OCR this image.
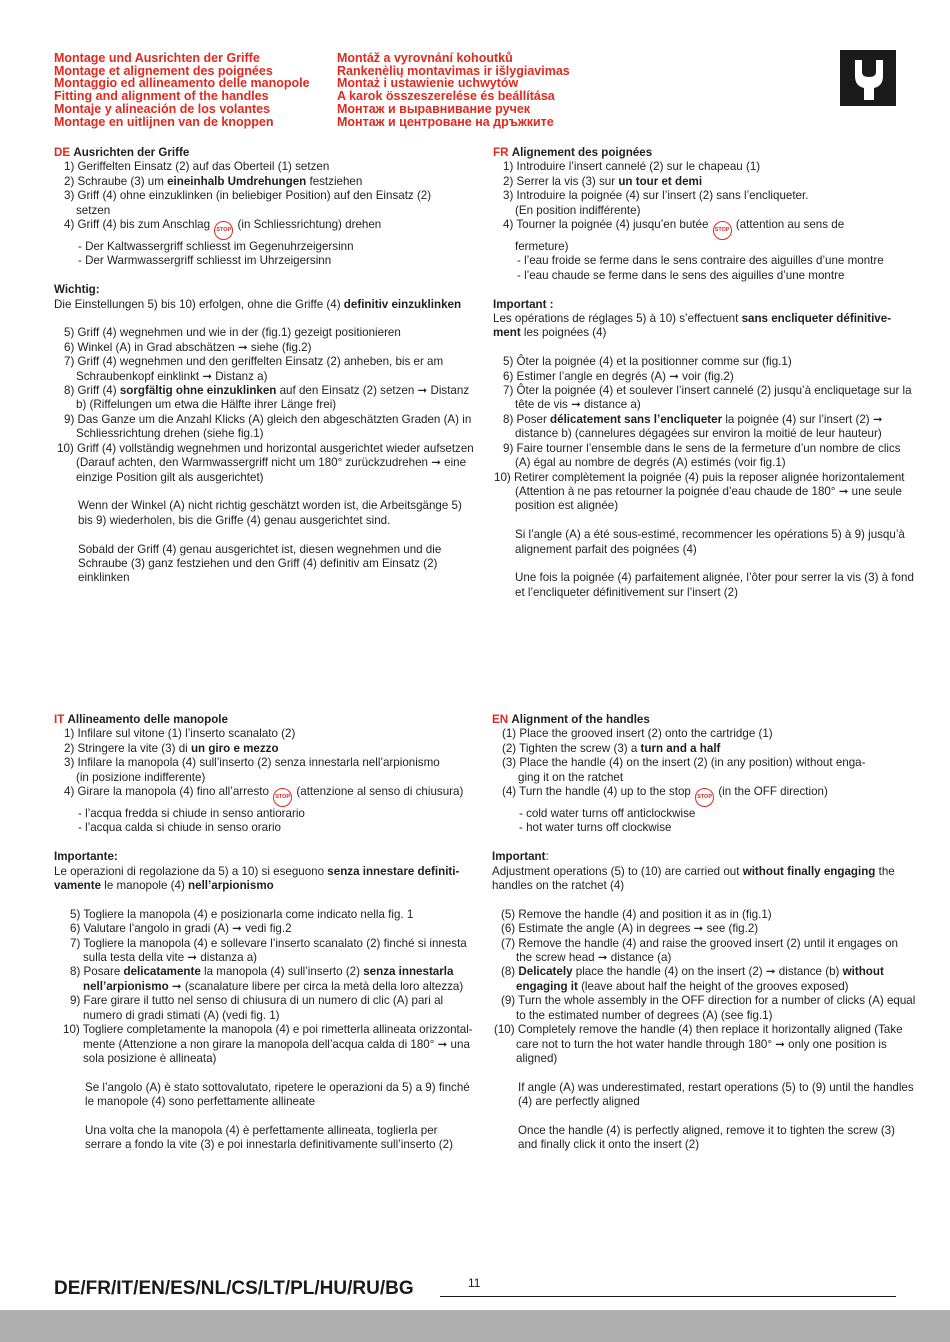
Montage und Ausrichten der Griffe
Montage et alignement des poignées
Montaggio ed allineamento delle manopole
Fitting and alignment of the handles
Montaje y alineación de los volantes
Montage en uitlijnen van de knoppen
Montáž a vyrovnání kohoutků
Rankenėlių montavimas ir išlygiavimas
Montaż i ustawienie uchwytów
A karok összeszerelése és beállítása
Монтаж и выравнивание ручек
Монтаж и центроване на дръжките

DE Ausrichten der Griffe

1) Geriffelten Einsatz (2) auf das Oberteil (1) setzen

2) Schraube (3) um eineinhalb Umdrehungen festziehen

3) Griff (4) ohne einzuklinken (in beliebiger Position) auf den Einsatz (2)

setzen

4) Griff (4) bis zum Anschlag STOP (in Schliessrichtung) drehen

- Der Kaltwassergriff schliesst im Gegenuhrzeigersinn

- Der Warmwassergriff schliesst im Uhrzeigersinn

Wichtig:

Die Einstellungen 5) bis 10) erfolgen, ohne die Griffe (4) definitiv einzuklinken

5) Griff (4) wegnehmen und wie in der (fig.1) gezeigt positionieren

6) Winkel (A) in Grad abschätzen ➞ siehe (fig.2)

7) Griff (4) wegnehmen und den geriffelten Einsatz (2) anheben, bis er am

Schraubenkopf einklinkt ➞ Distanz a)

8) Griff (4) sorgfältig ohne einzuklinken auf den Einsatz (2) setzen ➞ Distanz

b) (Riffelungen um etwa die Hälfte ihrer Länge frei)

9) Das Ganze um die Anzahl Klicks (A) gleich den abgeschätzten Graden (A) in

Schliessrichtung drehen (siehe fig.1)

10) Griff (4) vollständig wegnehmen und horizontal ausgerichtet wieder aufsetzen

(Darauf achten, den Warmwassergriff nicht um 180° zurückzudrehen ➞ eine

einzige Position gilt als ausgerichtet)

Wenn der Winkel (A) nicht richtig geschätzt worden ist, die Arbeitsgänge 5)

bis 9) wiederholen, bis die Griffe (4) genau ausgerichtet sind.

Sobald der Griff (4) genau ausgerichtet ist, diesen wegnehmen und die

Schraube (3) ganz festziehen und den Griff (4) definitiv am Einsatz (2)

einklinken

FR Alignement des poignées

1) Introduire l’insert cannelé (2) sur le chapeau (1)

2) Serrer la vis (3) sur un tour et demi

3) Introduire la poignée (4) sur l’insert (2) sans l’encliqueter.

(En position indifférente)

4) Tourner la poignée (4) jusqu’en butée STOP (attention au sens de

fermeture)

- l’eau froide se ferme dans le sens contraire des aiguilles d’une montre

- l’eau chaude se ferme dans le sens des aiguilles d’une montre

Important :

Les opérations de réglages 5) à 10) s’effectuent sans encliqueter définitive-

ment les poignées (4)

5) Ôter la poignée (4) et la positionner comme sur (fig.1)

6) Estimer l’angle en degrés (A) ➞ voir (fig.2)

7) Ôter la poignée (4) et soulever l’insert cannelé (2) jusqu’à encliquetage sur la

tête de vis ➞ distance a)

8) Poser délicatement sans l’encliqueter la poignée (4) sur l’insert (2) ➞

distance b) (cannelures dégagées sur environ la moitié de leur hauteur)

9) Faire tourner l’ensemble dans le sens de la fermeture d’un nombre de clics

(A) égal au nombre de degrés (A) estimés (voir fig.1)

10) Retirer complètement la poignée (4) puis la reposer alignée horizontalement

(Attention à ne pas retourner la poignée d’eau chaude de 180° ➞ une seule

position est alignée)

Si l’angle (A) a été sous-estimé, recommencer les opérations 5) à 9) jusqu’à

alignement parfait des poignées (4)

Une fois la poignée (4) parfaitement alignée, l’ôter pour serrer la vis (3) à fond

et l’encliqueter définitivement sur l’insert (2)

IT Allineamento delle manopole

1) Infilare sul vitone (1) l’inserto scanalato (2)

2) Stringere la vite (3) di un giro e mezzo

3) Infilare la manopola (4) sull’inserto (2) senza innestarla nell’arpionismo

(in posizione indifferente)

4) Girare la manopola (4) fino all’arresto STOP (attenzione al senso di chiusura)

- l’acqua fredda si chiude in senso antiorario

- l’acqua calda si chiude in senso orario

Importante:

Le operazioni di regolazione da 5) a 10) si eseguono senza innestare definiti-

vamente le manopole (4) nell’arpionismo

5) Togliere la manopola (4) e posizionarla come indicato nella fig. 1

6) Valutare l’angolo in gradi (A) ➞ vedi fig.2

7) Togliere la manopola (4) e sollevare l’inserto scanalato (2) finché si innesta

sulla testa della vite ➞ distanza a)

8) Posare delicatamente la manopola (4) sull’inserto (2) senza innestarla

nell’arpionismo ➞ (scanalature libere per circa la metà della loro altezza)

9) Fare girare il tutto nel senso di chiusura di un numero di clic (A) pari al

numero di gradi stimati (A) (vedi fig. 1)

10) Togliere completamente la manopola (4) e poi rimetterla allineata orizzontal-

mente (Attenzione a non girare la manopola dell’acqua calda di 180° ➞ una

sola posizione è allineata)

Se l’angolo (A) è stato sottovalutato, ripetere le operazioni da 5) a 9) finché

le manopole (4) sono perfettamente allineate

Una volta che la manopola (4) è perfettamente allineata, toglierla per

serrare a fondo la vite (3) e poi innestarla definitivamente sull’inserto (2)

EN Alignment of the handles

(1) Place the grooved insert (2) onto the cartridge (1)

(2) Tighten the screw (3) a turn and a half

(3) Place the handle (4) on the insert (2) (in any position) without enga-

ging it on the ratchet

(4) Turn the handle (4) up to the stop STOP (in the OFF direction)

- cold water turns off anticlockwise

- hot water turns off clockwise

Important:

Adjustment operations (5) to (10) are carried out without finally engaging the

handles on the ratchet (4)

(5) Remove the handle (4) and position it as in (fig.1)

(6) Estimate the angle (A) in degrees ➞ see (fig.2)

(7) Remove the handle (4) and raise the grooved insert (2) until it engages on

the screw head ➞ distance (a)

(8) Delicately place the handle (4) on the insert (2) ➞ distance (b) without

engaging it (leave about half the height of the grooves exposed)

(9) Turn the whole assembly in the OFF direction for a number of clicks (A) equal

to the estimated number of degrees (A) (see fig.1)

(10) Completely remove the handle (4) then replace it horizontally aligned (Take

care not to turn the hot water handle through 180° ➞ only one position is

aligned)

If angle (A) was underestimated, restart operations (5) to (9) until the handles

(4) are perfectly aligned

Once the handle (4) is perfectly aligned, remove it to tighten the screw (3)

and finally click it onto the insert (2)

DE/FR/IT/EN/ES/NL/CS/LT/PL/HU/RU/BG	11
